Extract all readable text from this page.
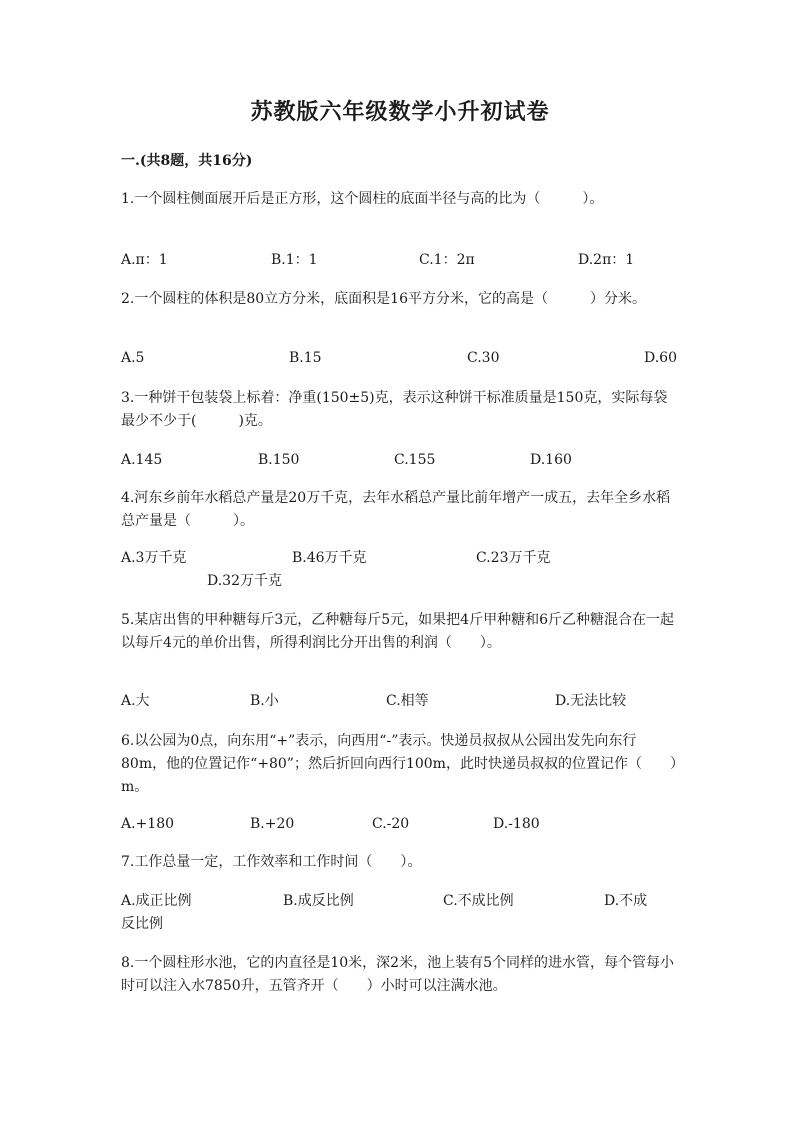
苏教版六年级数学小升初试卷
一.(共8题，共16分)
1.一个圆柱侧面展开后是正方形，这个圆柱的底面半径与高的比为（　　　）。
A.π：1	B.1：1	C.1：2π	D.2π：1
2.一个圆柱的体积是80立方分米，底面积是16平方分米，它的高是（　　　）分米。
A.5	B.15	C.30	D.60
3.一种饼干包装袋上标着：净重(150±5)克，表示这种饼干标准质量是150克，实际每袋最少不少于(　　　)克。
A.145	B.150	C.155	D.160
4.河东乡前年水稻总产量是20万千克，去年水稻总产量比前年增产一成五，去年全乡水稻总产量是（　　　）。
A.3万千克	B.46万千克	C.23万千克
D.32万千克
5.某店出售的甲种糖每斤3元，乙种糖每斤5元，如果把4斤甲种糖和6斤乙种糖混合在一起以每斤4元的单价出售，所得利润比分开出售的利润（　　）。
A.大	B.小	C.相等	D.无法比较
6.以公园为0点，向东用“+”表示，向西用“-”表示。快递员叔叔从公园出发先向东行80m，他的位置记作“+80”；然后折回向西行100m，此时快递员叔叔的位置记作（　　）m。
A.+180	B.+20	C.-20	D.-180
7.工作总量一定，工作效率和工作时间（　　）。
A.成正比例	B.成反比例	C.不成比例	D.不成
8.一个圆柱形水池，它的内直径是10米，深2米，池上装有5个同样的进水管，每个管每小时可以注入水7850升，五管齐开（　　）小时可以注满水池。
反比例
